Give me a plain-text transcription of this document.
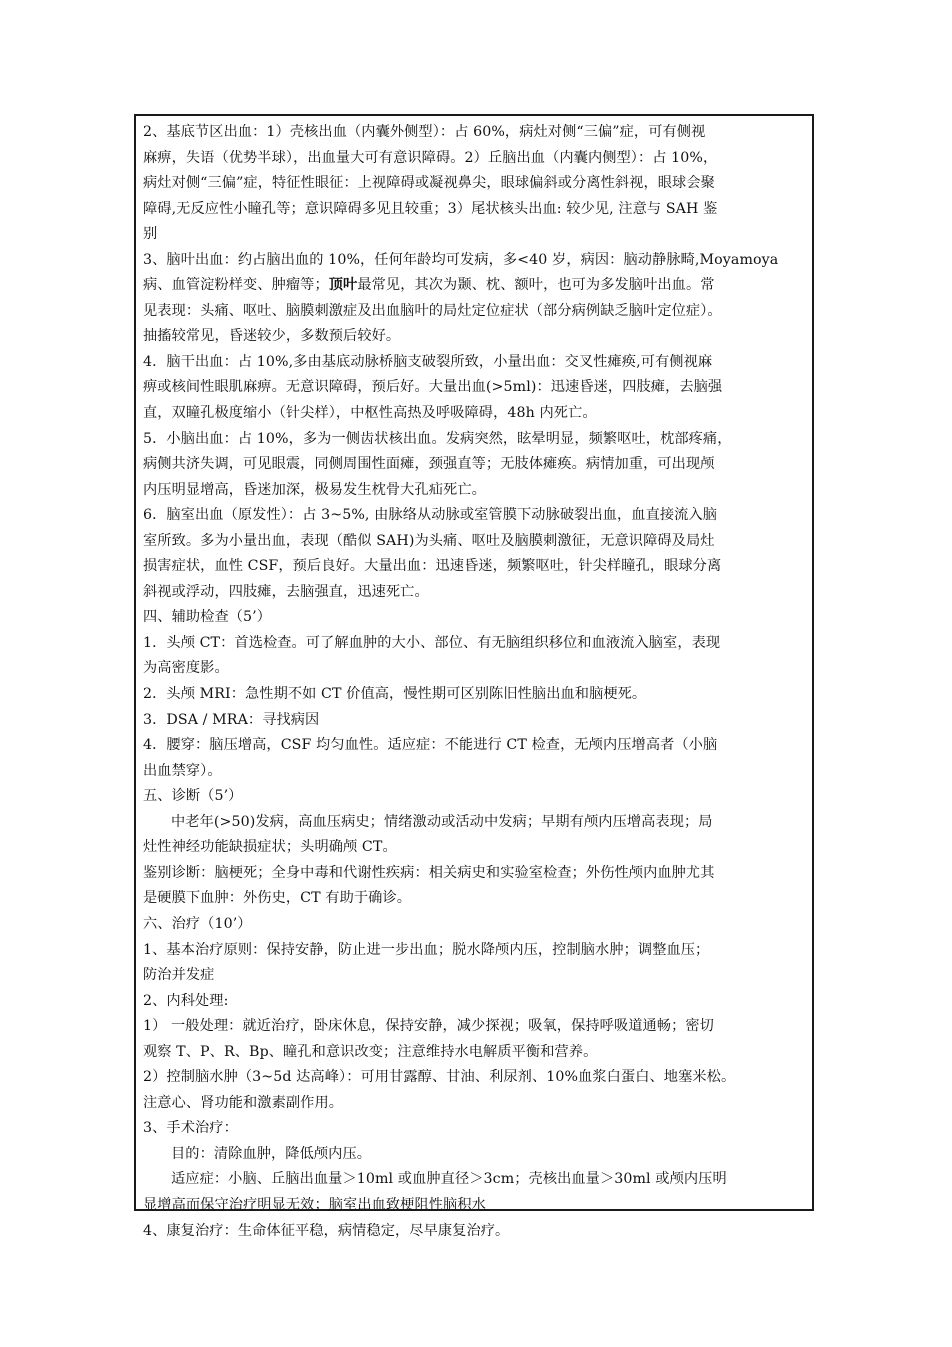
2、基底节区出血：1）壳核出血（内囊外侧型）：占 60%，病灶对侧“三偏”症，可有侧视
麻痹，失语（优势半球），出血量大可有意识障碍。2）丘脑出血（内囊内侧型）：占 10%，
病灶对侧“三偏”症，特征性眼征：上视障碍或凝视鼻尖，眼球偏斜或分离性斜视，眼球会聚
障碍,无反应性小瞳孔等；意识障碍多见且较重；3）尾状核头出血: 较少见, 注意与 SAH 鉴
别
3、脑叶出血：约占脑出血的 10%，任何年龄均可发病，多<40 岁，病因：脑动静脉畸,Moyamoya
病、血管淀粉样变、肿瘤等；顶叶最常见，其次为颞、枕、额叶，也可为多发脑叶出血。常
见表现：头痛、呕吐、脑膜刺激症及出血脑叶的局灶定位症状（部分病例缺乏脑叶定位症）。
抽搐较常见，昏迷较少，多数预后较好。
4．脑干出血：占 10%,多由基底动脉桥脑支破裂所致，小量出血：交叉性瘫痪,可有侧视麻
痹或核间性眼肌麻痹。无意识障碍，预后好。大量出血(>5ml)：迅速昏迷，四肢瘫，去脑强
直，双瞳孔极度缩小（针尖样），中枢性高热及呼吸障碍，48h 内死亡。
5．小脑出血：占 10%，多为一侧齿状核出血。发病突然，眩晕明显，频繁呕吐，枕部疼痛，
病侧共济失调，可见眼震，同侧周围性面瘫，颈强直等；无肢体瘫痪。病情加重，可出现颅
内压明显增高，昏迷加深，极易发生枕骨大孔疝死亡。
6．脑室出血（原发性）：占 3~5%, 由脉络从动脉或室管膜下动脉破裂出血，血直接流入脑
室所致。多为小量出血，表现（酷似 SAH)为头痛、呕吐及脑膜刺激征，无意识障碍及局灶
损害症状，血性 CSF，预后良好。大量出血：迅速昏迷，频繁呕吐，针尖样瞳孔，眼球分离
斜视或浮动，四肢瘫，去脑强直，迅速死亡。
四、辅助检查（5’）
1．头颅 CT：首选检查。可了解血肿的大小、部位、有无脑组织移位和血液流入脑室，表现
为高密度影。
2．头颅 MRI：急性期不如 CT 价值高，慢性期可区别陈旧性脑出血和脑梗死。
3．DSA / MRA：寻找病因
4．腰穿：脑压增高，CSF 均匀血性。适应症：不能进行 CT 检查，无颅内压增高者（小脑
出血禁穿）。
五、诊断（5’）
中老年(>50)发病，高血压病史；情绪激动或活动中发病；早期有颅内压增高表现；局
灶性神经功能缺损症状；头明确颅 CT。
鉴别诊断：脑梗死；全身中毒和代谢性疾病：相关病史和实验室检查；外伤性颅内血肿尤其
是硬膜下血肿：外伤史，CT 有助于确诊。
六、治疗（10’）
1、基本治疗原则：保持安静，防止进一步出血；脱水降颅内压，控制脑水肿；调整血压；
防治并发症
2、内科处理:
1） 一般处理：就近治疗，卧床休息，保持安静，减少探视；吸氧，保持呼吸道通畅；密切
观察 T、P、R、Bp、瞳孔和意识改变；注意维持水电解质平衡和营养。
2）控制脑水肿（3~5d 达高峰）：可用甘露醇、甘油、利尿剂、10%血浆白蛋白、地塞米松。
注意心、肾功能和激素副作用。
3、手术治疗：
目的：清除血肿，降低颅内压。
适应症：小脑、丘脑出血量＞10ml 或血肿直径＞3cm；壳核出血量＞30ml 或颅内压明
显增高而保守治疗明显无效；脑室出血致梗阻性脑积水
4、康复治疗：生命体征平稳，病情稳定，尽早康复治疗。
